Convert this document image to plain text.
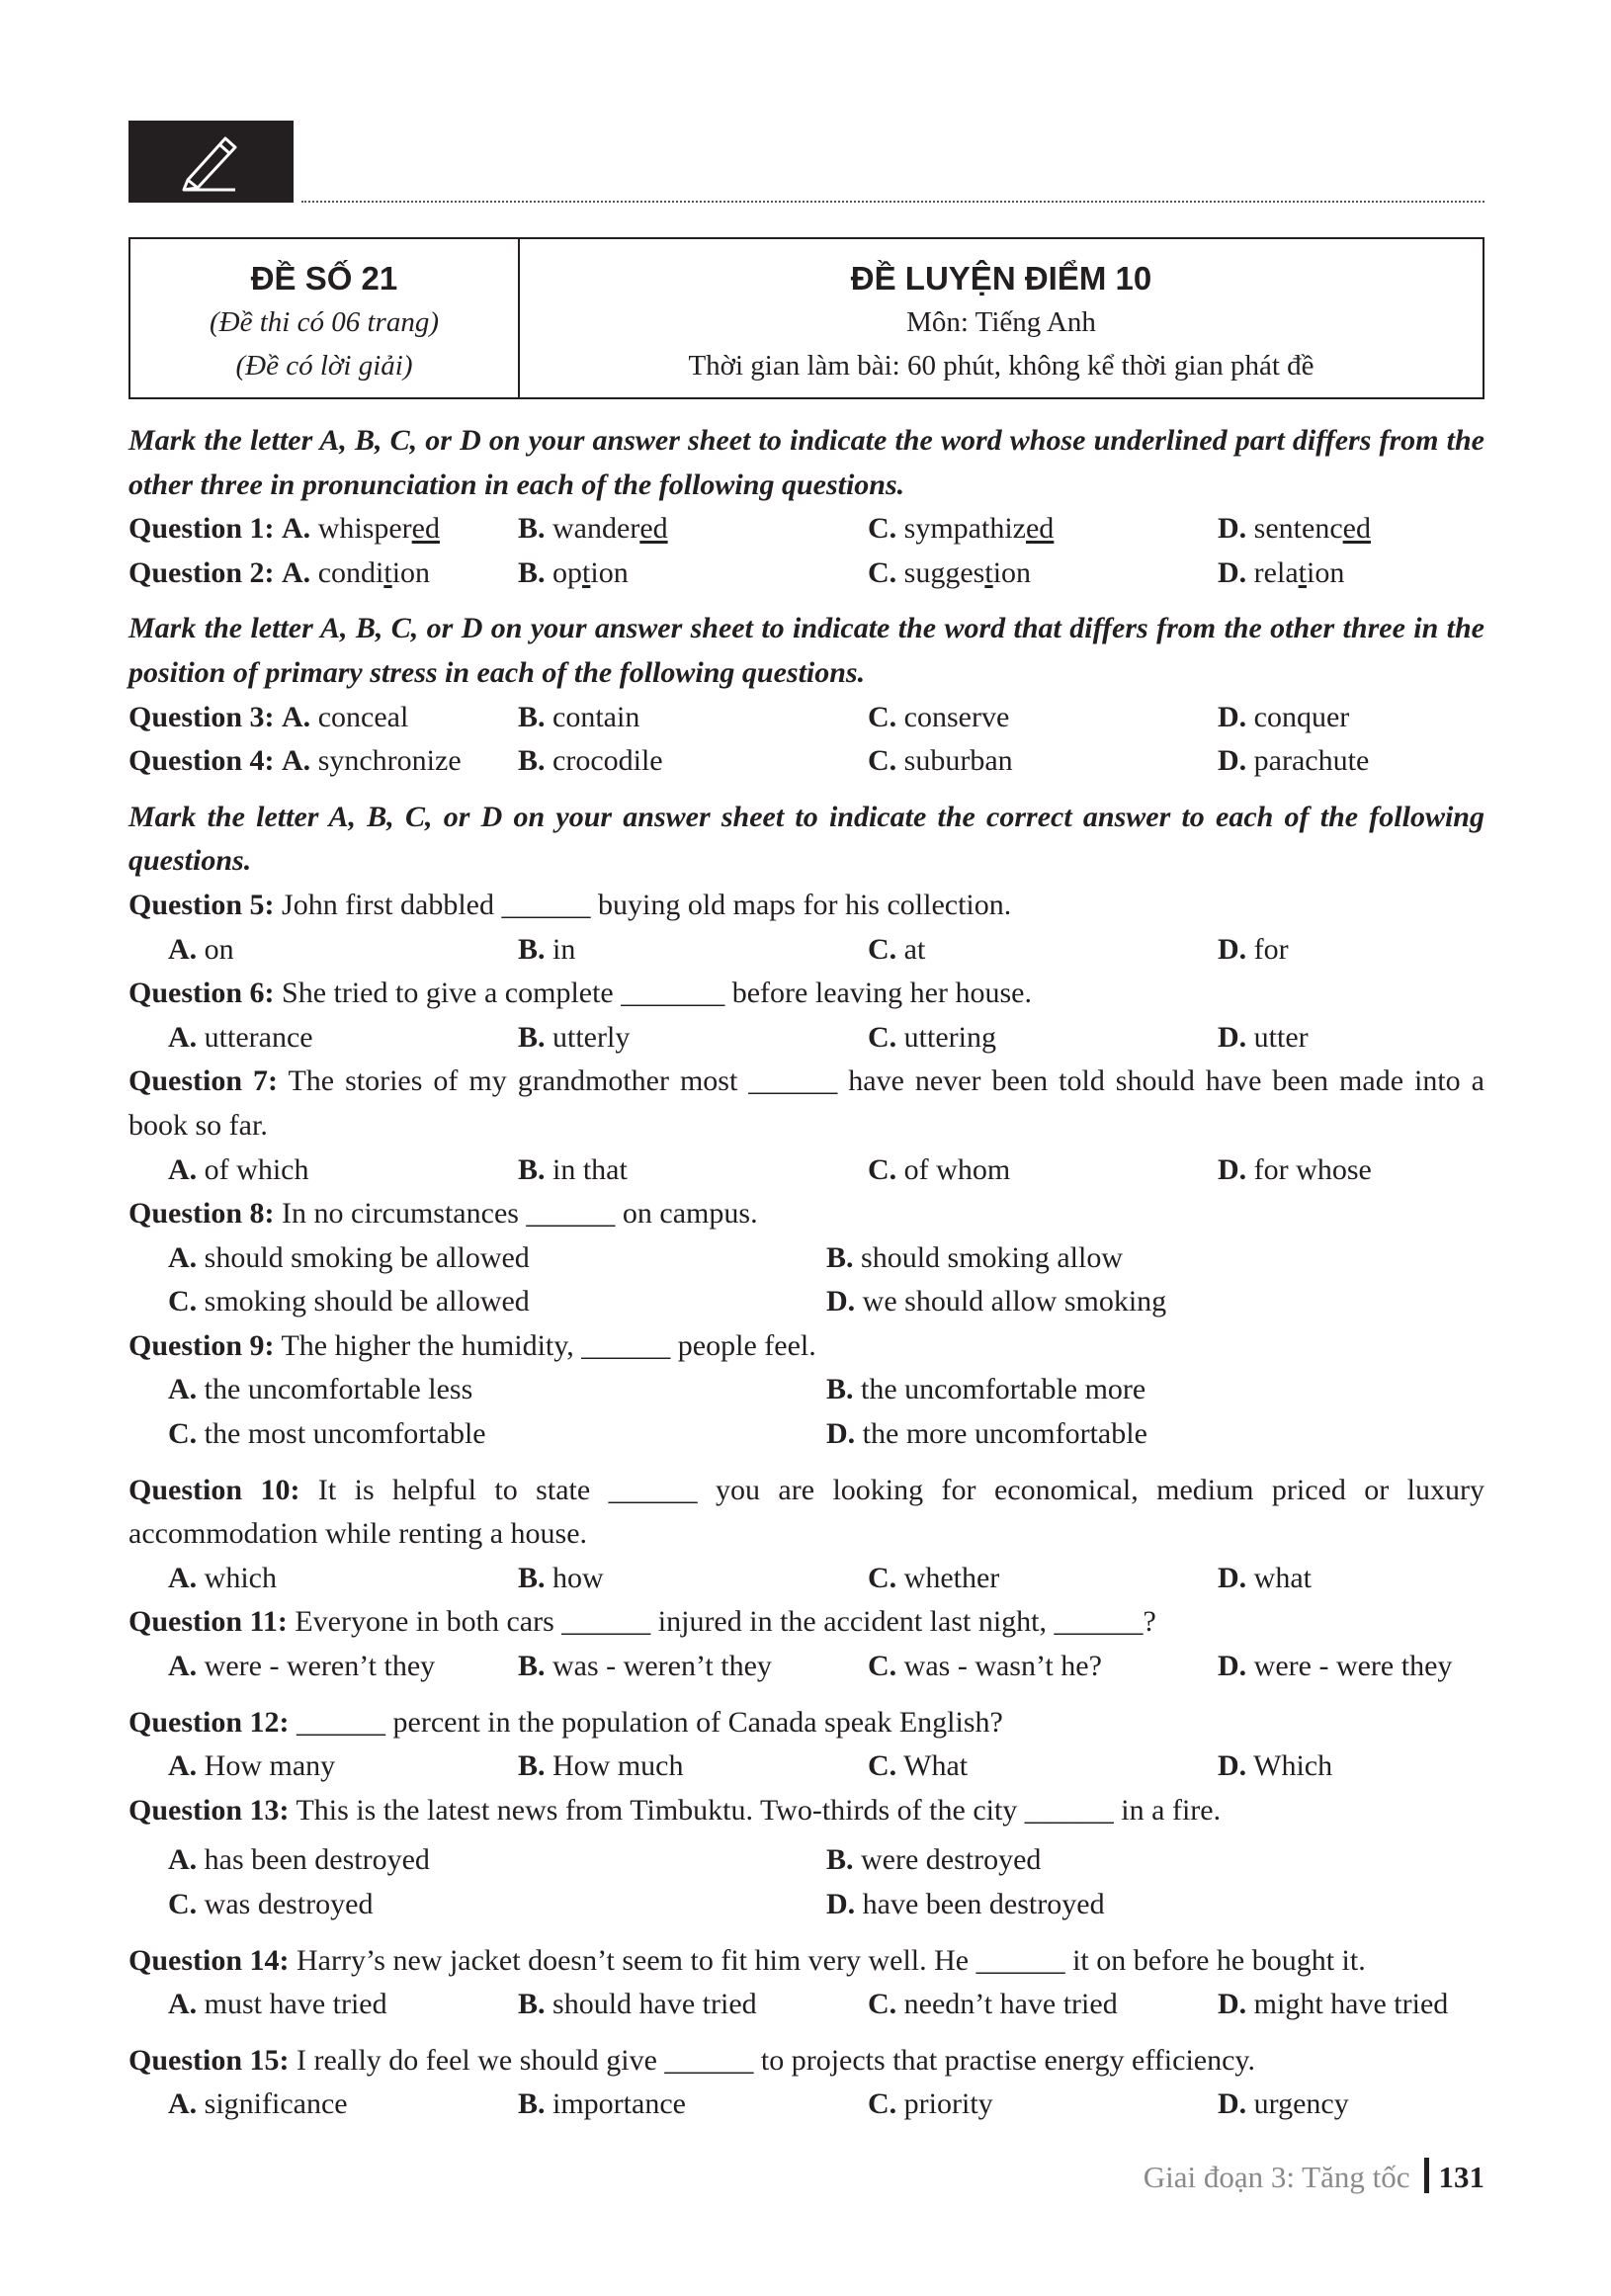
ĐỀ SỐ 21
(Đề thi có 06 trang)
(Đề có lời giải)
ĐỀ LUYỆN ĐIỂM 10
Môn: Tiếng Anh
Thời gian làm bài: 60 phút, không kể thời gian phát đề
Mark the letter A, B, C, or D on your answer sheet to indicate the word whose underlined part differs from the other three in pronunciation in each of the following questions.
Question 1: A. whispered	B. wandered	C. sympathized	D. sentenced
Question 2: A. condition	B. option	C. suggestion	D. relation
Mark the letter A, B, C, or D on your answer sheet to indicate the word that differs from the other three in the position of primary stress in each of the following questions.
Question 3: A. conceal	B. contain	C. conserve	D. conquer
Question 4: A. synchronize	B. crocodile	C. suburban	D. parachute
Mark the letter A, B, C, or D on your answer sheet to indicate the correct answer to each of the following questions.
Question 5: John first dabbled ______ buying old maps for his collection.
A. on	B. in	C. at	D. for
Question 6: She tried to give a complete _______ before leaving her house.
A. utterance	B. utterly	C. uttering	D. utter
Question 7: The stories of my grandmother most ______ have never been told should have been made into a book so far.
A. of which	B. in that	C. of whom	D. for whose
Question 8: In no circumstances ______ on campus.
A. should smoking be allowed	B. should smoking allow
C. smoking should be allowed	D. we should allow smoking
Question 9: The higher the humidity, ______ people feel.
A. the uncomfortable less	B. the uncomfortable more
C. the most uncomfortable	D. the more uncomfortable
Question 10: It is helpful to state ______ you are looking for economical, medium priced or luxury accommodation while renting a house.
A. which	B. how	C. whether	D. what
Question 11: Everyone in both cars ______ injured in the accident last night, ______?
A. were - weren’t they	B. was - weren’t they	C. was - wasn’t he?	D. were - were they
Question 12: ______ percent in the population of Canada speak English?
A. How many	B. How much	C. What	D. Which
Question 13: This is the latest news from Timbuktu. Two-thirds of the city ______ in a fire.
A. has been destroyed	B. were destroyed
C. was destroyed	D. have been destroyed
Question 14: Harry’s new jacket doesn’t seem to fit him very well. He ______ it on before he bought it.
A. must have tried	B. should have tried	C. needn’t have tried	D. might have tried
Question 15: I really do feel we should give ______ to projects that practise energy efficiency.
A. significance	B. importance	C. priority	D. urgency
Giai đoạn 3: Tăng tốc 131
